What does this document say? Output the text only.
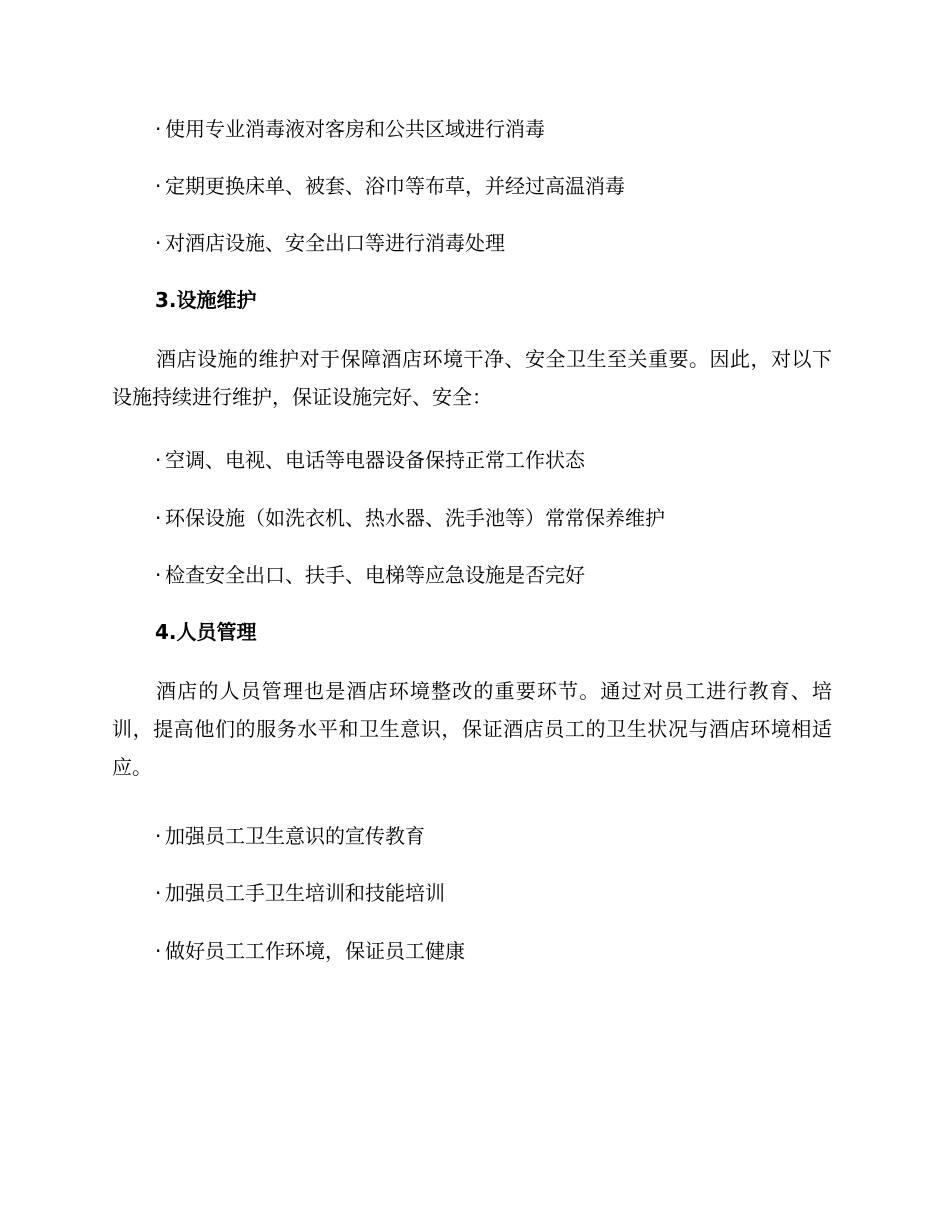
· 使用专业消毒液对客房和公共区域进行消毒

· 定期更换床单、被套、浴巾等布草，并经过高温消毒

· 对酒店设施、安全出口等进行消毒处理

3.设施维护

酒店设施的维护对于保障酒店环境干净、安全卫生至关重要。因此，对以下设施持续进行维护，保证设施完好、安全：

· 空调、电视、电话等电器设备保持正常工作状态

· 环保设施（如洗衣机、热水器、洗手池等）常常保养维护

· 检查安全出口、扶手、电梯等应急设施是否完好

4.人员管理

酒店的人员管理也是酒店环境整改的重要环节。通过对员工进行教育、培训，提高他们的服务水平和卫生意识，保证酒店员工的卫生状况与酒店环境相适应。

· 加强员工卫生意识的宣传教育

· 加强员工手卫生培训和技能培训

· 做好员工工作环境，保证员工健康
